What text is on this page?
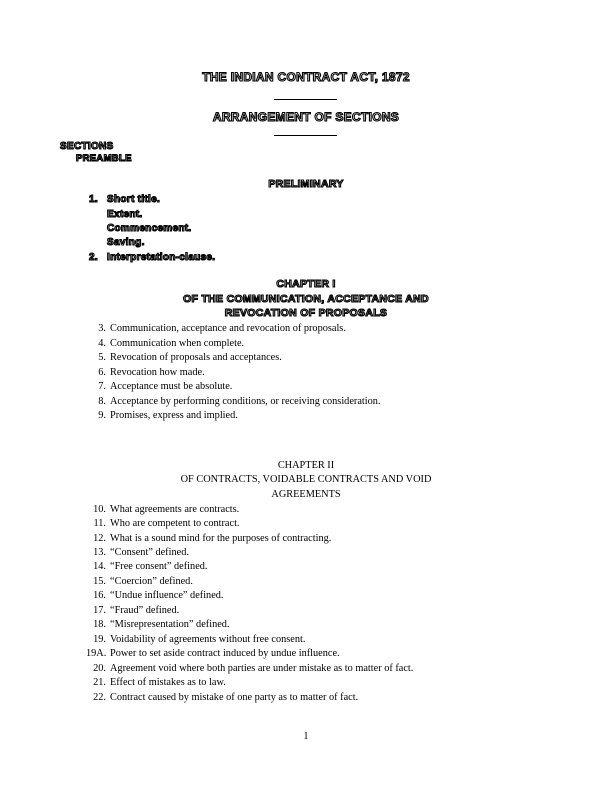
THE INDIAN CONTRACT ACT, 1872
ARRANGEMENT OF SECTIONS
SECTIONS
PREAMBLE
PRELIMINARY
1. Short title.
Extent.
Commencement.
Saving.
2. Interpretation-clause.
CHAPTER I
OF THE COMMUNICATION, ACCEPTANCE AND
REVOCATION OF PROPOSALS
3. Communication, acceptance and revocation of proposals.
4. Communication when complete.
5. Revocation of proposals and acceptances.
6. Revocation how made.
7. Acceptance must be absolute.
8. Acceptance by performing conditions, or receiving consideration.
9. Promises, express and implied.
CHAPTER II
OF CONTRACTS, VOIDABLE CONTRACTS AND VOID
AGREEMENTS
10. What agreements are contracts.
11. Who are competent to contract.
12. What is a sound mind for the purposes of contracting.
13. “Consent” defined.
14. “Free consent” defined.
15. “Coercion” defined.
16. “Undue influence” defined.
17. “Fraud” defined.
18. “Misrepresentation” defined.
19. Voidability of agreements without free consent.
19A. Power to set aside contract induced by undue influence.
20. Agreement void where both parties are under mistake as to matter of fact.
21. Effect of mistakes as to law.
22. Contract caused by mistake of one party as to matter of fact.
1
